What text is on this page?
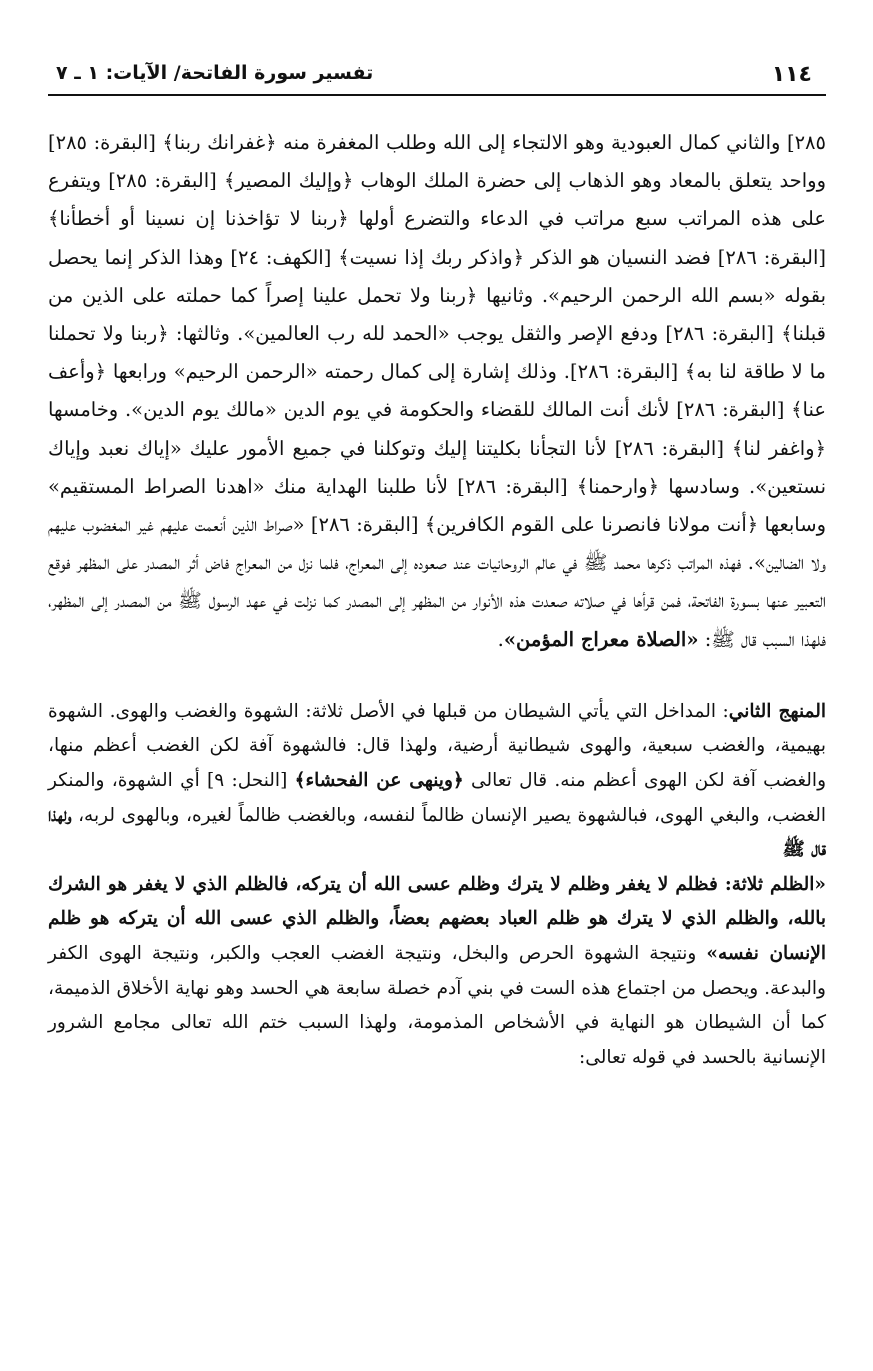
١١٤
تفسير سورة الفاتحة/ الآيات: ١ ـ ٧

٢٨٥] والثاني كمال العبودية وهو الالتجاء إلى الله وطلب المغفرة منه ﴿غفرانك ربنا﴾ [البقرة: ٢٨٥] وواحد يتعلق بالمعاد وهو الذهاب إلى حضرة الملك الوهاب ﴿وإليك المصير﴾ [البقرة: ٢٨٥] ويتفرع على هذه المراتب سبع مراتب في الدعاء والتضرع أولها ﴿ربنا لا تؤاخذنا إن نسينا أو أخطأنا﴾ [البقرة: ٢٨٦] فضد النسيان هو الذكر ﴿واذكر ربك إذا نسيت﴾ [الكهف: ٢٤] وهذا الذكر إنما يحصل بقوله «بسم الله الرحمن الرحيم». وثانيها ﴿ربنا ولا تحمل علينا إصراً كما حملته على الذين من قبلنا﴾ [البقرة: ٢٨٦] ودفع الإصر والثقل يوجب «الحمد لله رب العالمين». وثالثها: ﴿ربنا ولا تحملنا ما لا طاقة لنا به﴾ [البقرة: ٢٨٦]. وذلك إشارة إلى كمال رحمته «الرحمن الرحيم» ورابعها ﴿وأعف عنا﴾ [البقرة: ٢٨٦] لأنك أنت المالك للقضاء والحكومة في يوم الدين «مالك يوم الدين». وخامسها ﴿واغفر لنا﴾ [البقرة: ٢٨٦] لأنا التجأنا بكليتنا إليك وتوكلنا في جميع الأمور عليك «إياك نعبد وإياك نستعين». وسادسها ﴿وارحمنا﴾ [البقرة: ٢٨٦] لأنا طلبنا الهداية منك «اهدنا الصراط المستقيم» وسابعها ﴿أنت مولانا فانصرنا على القوم الكافرين﴾ [البقرة: ٢٨٦] «صراط الذين أنعمت عليهم غير المغضوب عليهم ولا الضالين». فهذه المراتب ذكرها محمد ﷺ في عالم الروحانيات عند صعوده إلى المعراج، فلما نزل من المعراج فاض أثر المصدر على المظهر فوقع التعبير عنها بسورة الفاتحة، فمن قرأها في صلاته صعدت هذه الأنوار من المظهر إلى المصدر كما نزلت في عهد الرسول ﷺ من المصدر إلى المظهر، فلهذا السبب قال ﷺ: «الصلاة معراج المؤمن».

المنهج الثاني: المداخل التي يأتي الشيطان من قبلها في الأصل ثلاثة: الشهوة والغضب والهوى. الشهوة بهيمية، والغضب سبعية، والهوى شيطانية أرضية، ولهذا قال: فالشهوة آفة لكن الغضب أعظم منها، والغضب آفة لكن الهوى أعظم منه. قال تعالى ﴿وينهى عن الفحشاء﴾ [النحل: ٩] أي الشهوة، والمنكر الغضب، والبغي الهوى، فبالشهوة يصير الإنسان ظالماً لنفسه، وبالغضب ظالماً لغيره، وبالهوى لربه، ولهذا قال ﷺ

«الظلم ثلاثة: فظلم لا يغفر وظلم لا يترك وظلم عسى الله أن يتركه، فالظلم الذي لا يغفر هو الشرك بالله، والظلم الذي لا يترك هو ظلم العباد بعضهم بعضاً، والظلم الذي عسى الله أن يتركه هو ظلم الإنسان نفسه» ونتيجة الشهوة الحرص والبخل، ونتيجة الغضب العجب والكبر، ونتيجة الهوى الكفر والبدعة. ويحصل من اجتماع هذه الست في بني آدم خصلة سابعة هي الحسد وهو نهاية الأخلاق الذميمة، كما أن الشيطان هو النهاية في الأشخاص المذمومة، ولهذا السبب ختم الله تعالى مجامع الشرور الإنسانية بالحسد في قوله تعالى:
